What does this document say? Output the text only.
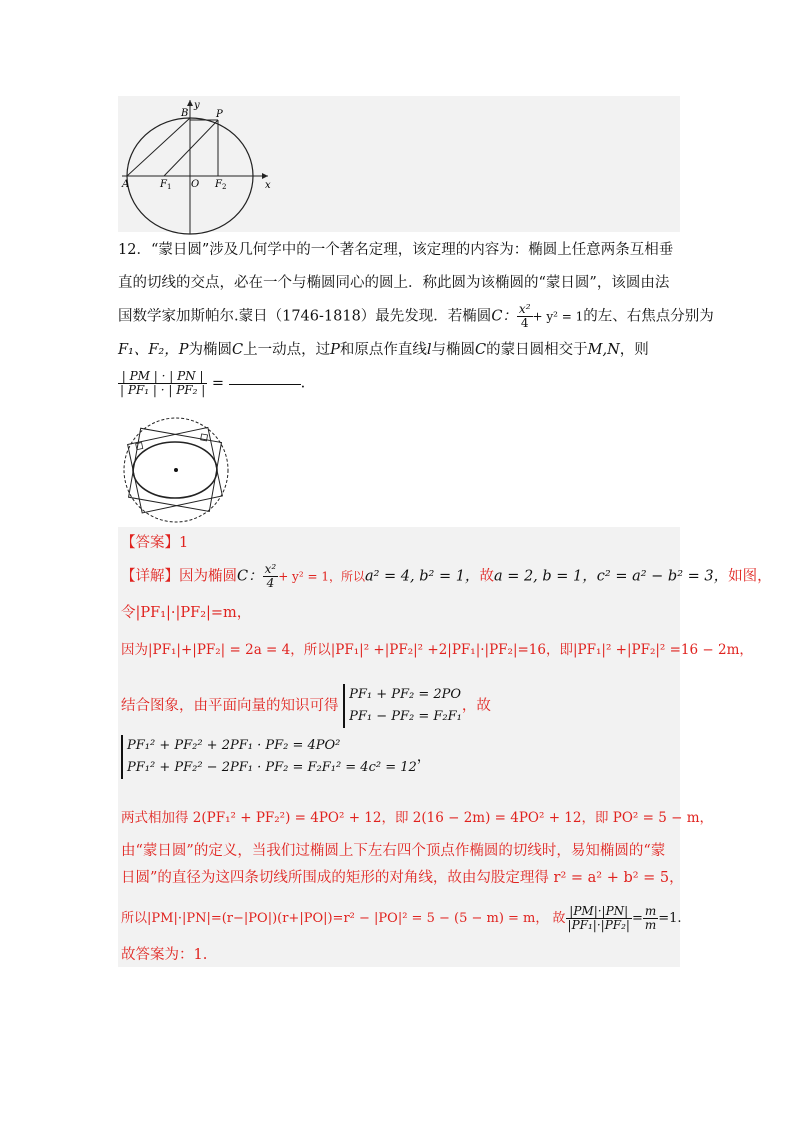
B
y
P
A	$F_1$ O $F_2$	x
12．“蒙日圆”涉及几何学中的一个著名定理，该定理的内容为：椭圆上任意两条互相垂
直的切线的交点，必在一个与椭圆同心的圆上．称此圆为该椭圆的“蒙日圆”，该圆由法
国数学家加斯帕尔.蒙日（1746-1818）最先发现．若椭圆C： $\frac{\text{x²}}{4} + y^2 = 1$的左、右焦点分别为
F₁、F₂，P为椭圆C上一动点，过P和原点作直线l与椭圆C的蒙日圆相交于M,N，则
$\frac{| PM | \cdot | PN |}{\text{| PF₁ | · | PF₂ |}}$ =	.
【答案】1
【详解】因为椭圆C： $\frac{\text{x²}}{4} + y^2 = 1$，所以a² = 4, b² = 1，故a = 2, b = 1，c² = a² − b² = 3，如图，
令|PF₁|·|PF₂|=m，
因为|PF₁|+|PF₂| = 2a = 4，所以|PF₁|² +|PF₂|² +2|PF₁|·|PF₂|=16，即|PF₁|² +|PF₂|² =16 − 2m，
结合图象，由平面向量的知识可得
PF₁ + PF₂ = 2PO
PF₁ − PF₂ = F₂F₁
，故
PF₁² + PF₂² + 2PF₁ · PF₂ = 4PO²
PF₁² + PF₂² − 2PF₁ · PF₂ = F₂F₁² = 4c² = 12
，
两式相加得 2(PF₁² + PF₂²) = 4PO² + 12，即 2(16 − 2m) = 4PO² + 12，即 PO² = 5 − m，
由“蒙日圆”的定义，当我们过椭圆上下左右四个顶点作椭圆的切线时，易知椭圆的“蒙
日圆”的直径为这四条切线所围成的矩形的对角线，故由勾股定理得 r² = a² + b² = 5，
所以|PM|·|PN|=(r−|PO|)(r+|PO|)=r² − |PO|² = 5 − (5 − m) = m， 故 $\frac{|PM|\cdot|PN|}{\text{|PF₁|·|PF₂|}} = \frac{m}{m} =1$.
故答案为：1.
